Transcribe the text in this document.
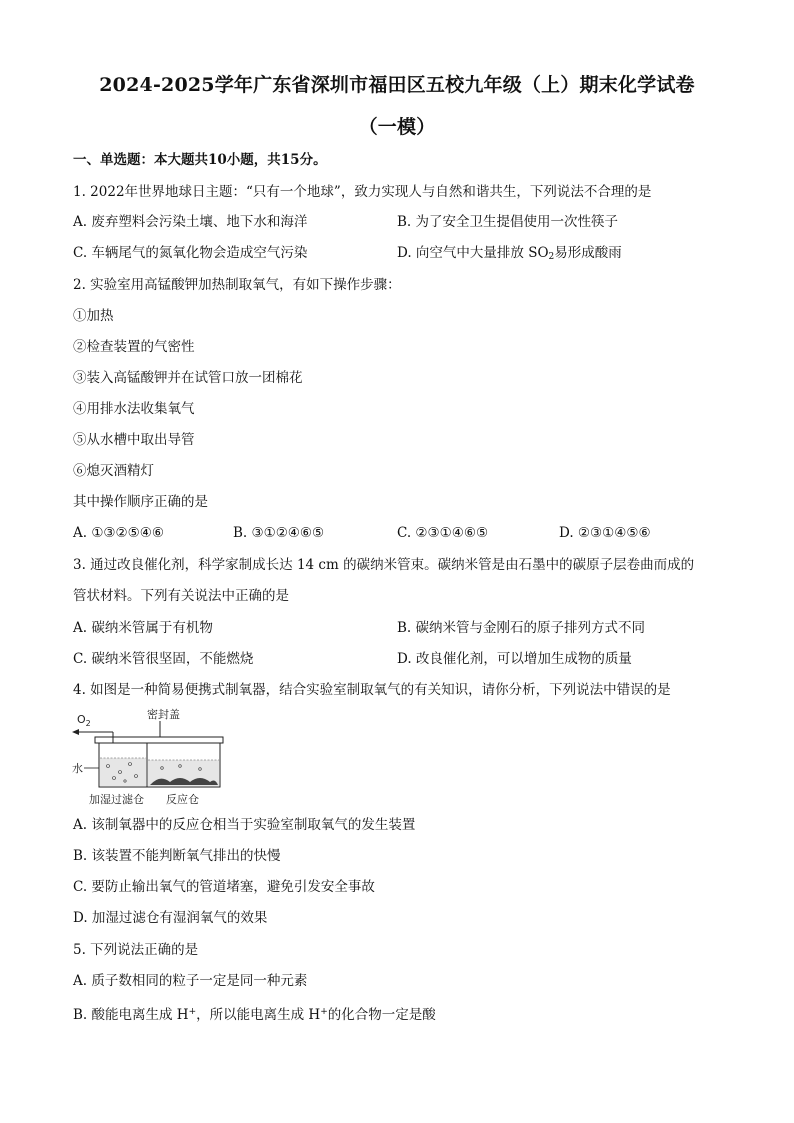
2024-2025学年广东省深圳市福田区五校九年级（上）期末化学试卷
（一模）
一、单选题：本大题共10小题，共15分。
1. 2022年世界地球日主题：“只有一个地球”，致力实现人与自然和谐共生，下列说法不合理的是
A. 废弃塑料会污染土壤、地下水和海洋	B. 为了安全卫生提倡使用一次性筷子
C. 车辆尾气的氮氧化物会造成空气污染	D. 向空气中大量排放 $SO_2$易形成酸雨
2. 实验室用高锰酸钾加热制取氧气，有如下操作步骤：
①加热
②检查装置的气密性
③装入高锰酸钾并在试管口放一团棉花
④用排水法收集氧气
⑤从水槽中取出导管
⑥熄灭酒精灯
其中操作顺序正确的是
A. ①③②⑤④⑥	B. ③①②④⑥⑤	C. ②③①④⑥⑤	D. ②③①④⑤⑥
3. 通过改良催化剂，科学家制成长达 14 cm 的碳纳米管束。碳纳米管是由石墨中的碳原子层卷曲而成的
管状材料。下列有关说法中正确的是
A. 碳纳米管属于有机物	B. 碳纳米管与金刚石的原子排列方式不同
C. 碳纳米管很坚固，不能燃烧	D. 改良催化剂，可以增加生成物的质量
4. 如图是一种简易便携式制氧器，结合实验室制取氧气的有关知识，请你分析，下列说法中错误的是
$O_2$
密封盖
水
加湿过滤仓 反应仓
A. 该制氧器中的反应仓相当于实验室制取氧气的发生装置
B. 该装置不能判断氧气排出的快慢
C. 要防止输出氧气的管道堵塞，避免引发安全事故
D. 加湿过滤仓有湿润氧气的效果
5. 下列说法正确的是
A. 质子数相同的粒子一定是同一种元素
B. 酸能电离生成 H+，所以能电离生成 H+的化合物一定是酸
